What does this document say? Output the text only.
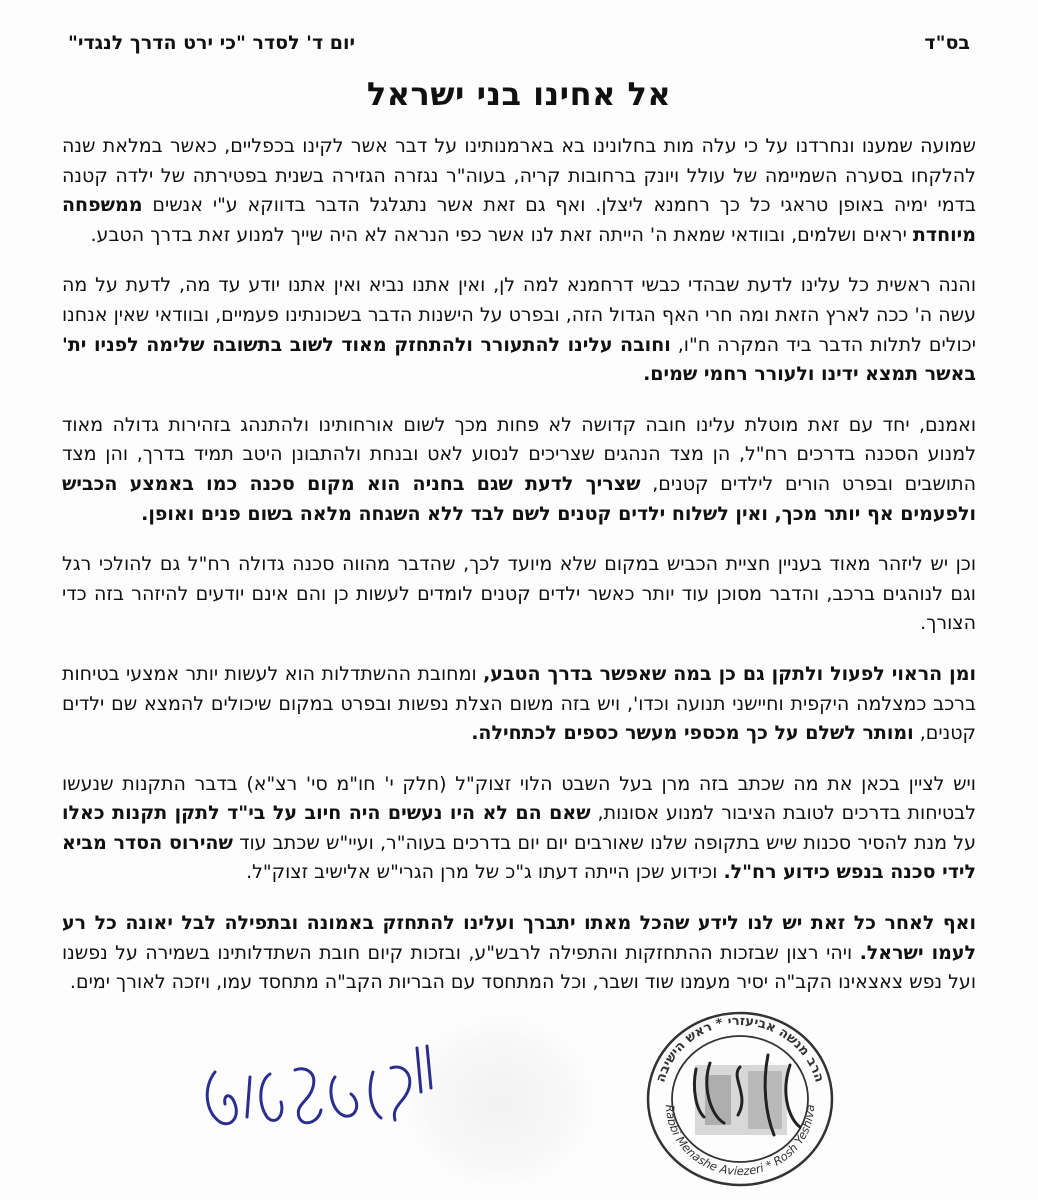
בס"ד
יום ד' לסדר "כי ירט הדרך לנגדי"
אל אחינו בני ישראל

שמועה שמענו ונחרדנו על כי עלה מות בחלונינו בא בארמנותינו על דבר אשר לקינו בכפליים, כאשר במלאת שנה להלקחו בסערה השמיימה של עולל ויונק ברחובות קריה, בעוה"ר נגזרה הגזירה בשנית בפטירתה של ילדה קטנה בדמי ימיה באופן טראגי כל כך רחמנא ליצלן. ואף גם זאת אשר נתגלגל הדבר בדווקא ע"י אנשים ממשפחה מיוחדת יראים ושלמים, ובוודאי שמאת ה' הייתה זאת לנו אשר כפי הנראה לא היה שייך למנוע זאת בדרך הטבע.

והנה ראשית כל עלינו לדעת שבהדי כבשי דרחמנא למה לן, ואין אתנו נביא ואין אתנו יודע עד מה, לדעת על מה עשה ה' ככה לארץ הזאת ומה חרי האף הגדול הזה, ובפרט על הישנות הדבר בשכונתינו פעמיים, ובוודאי שאין אנחנו יכולים לתלות הדבר ביד המקרה ח"ו, וחובה עלינו להתעורר ולהתחזק מאוד לשוב בתשובה שלימה לפניו ית' באשר תמצא ידינו ולעורר רחמי שמים.

ואמנם, יחד עם זאת מוטלת עלינו חובה קדושה לא פחות מכך לשום אורחותינו ולהתנהג בזהירות גדולה מאוד למנוע הסכנה בדרכים רח"ל, הן מצד הנהגים שצריכים לנסוע לאט ובנחת ולהתבונן היטב תמיד בדרך, והן מצד התושבים ובפרט הורים לילדים קטנים, שצריך לדעת שגם בחניה הוא מקום סכנה כמו באמצע הכביש ולפעמים אף יותר מכך, ואין לשלוח ילדים קטנים לשם לבד ללא השגחה מלאה בשום פנים ואופן.

וכן יש ליזהר מאוד בעניין חציית הכביש במקום שלא מיועד לכך, שהדבר מהווה סכנה גדולה רח"ל גם להולכי רגל וגם לנוהגים ברכב, והדבר מסוכן עוד יותר כאשר ילדים קטנים לומדים לעשות כן והם אינם יודעים להיזהר בזה כדי הצורך.

ומן הראוי לפעול ולתקן גם כן במה שאפשר בדרך הטבע, ומחובת ההשתדלות הוא לעשות יותר אמצעי בטיחות ברכב כמצלמה היקפית וחיישני תנועה וכדו', ויש בזה משום הצלת נפשות ובפרט במקום שיכולים להמצא שם ילדים קטנים, ומותר לשלם על כך מכספי מעשר כספים לכתחילה.

ויש לציין בכאן את מה שכתב בזה מרן בעל השבט הלוי זצוק"ל (חלק י' חו"מ סי' רצ"א) בדבר התקנות שנעשו לבטיחות בדרכים לטובת הציבור למנוע אסונות, שאם הם לא היו נעשים היה חיוב על בי"ד לתקן תקנות כאלו על מנת להסיר סכנות שיש בתקופה שלנו שאורבים יום יום בדרכים בעוה"ר, ועיי"ש שכתב עוד שהירוס הסדר מביא לידי סכנה בנפש כידוע רח"ל. וכידוע שכן הייתה דעתו ג"כ של מרן הגרי"ש אלישיב זצוק"ל.

ואף לאחר כל זאת יש לנו לידע שהכל מאתו יתברך ועלינו להתחזק באמונה ובתפילה לבל יאונה כל רע לעמו ישראל. ויהי רצון שבזכות ההתחזקות והתפילה לרבש"ע, ובזכות קיום חובת השתדלותינו בשמירה על נפשנו ועל נפש צאצאינו הקב"ה יסיר מעמנו שוד ושבר, וכל המתחסד עם הבריות הקב"ה מתחסד עמו, ויזכה לאורך ימים.

הרב מנשה אביעזרי * ראש הישיבה
Rabbi Menashe Aviezeri * Rosh Yeshiva
